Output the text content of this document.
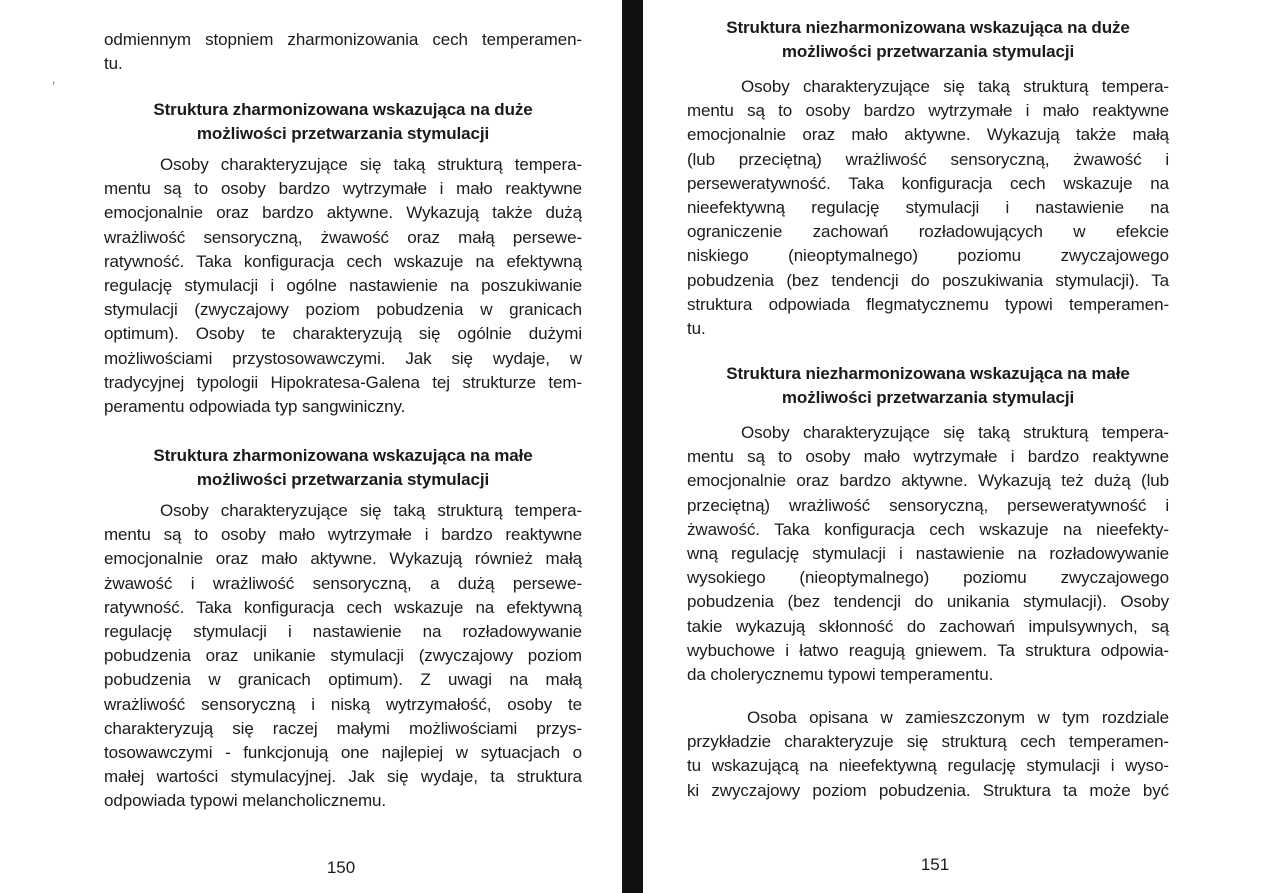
,
odmiennym stopniem zharmonizowania cech temperamen-
tu.
Struktura zharmonizowana wskazująca na duże
możliwości przetwarzania stymulacji
Osoby charakteryzujące się taką strukturą tempera-
mentu są to osoby bardzo wytrzymałe i mało reaktywne
emocjonalnie oraz bardzo aktywne. Wykazują także dużą
wrażliwość sensoryczną, żwawość oraz małą persewe-
ratywność. Taka konfiguracja cech wskazuje na efektywną
regulację stymulacji i ogólne nastawienie na poszukiwanie
stymulacji (zwyczajowy poziom pobudzenia w granicach
optimum). Osoby te charakteryzują się ogólnie dużymi
możliwościami przystosowawczymi. Jak się wydaje, w
tradycyjnej typologii Hipokratesa-Galena tej strukturze tem-
peramentu odpowiada typ sangwiniczny.
Struktura zharmonizowana wskazująca na małe
możliwości przetwarzania stymulacji
Osoby charakteryzujące się taką strukturą tempera-
mentu są to osoby mało wytrzymałe i bardzo reaktywne
emocjonalnie oraz mało aktywne. Wykazują również małą
żwawość i wrażliwość sensoryczną, a dużą persewe-
ratywność. Taka konfiguracja cech wskazuje na efektywną
regulację stymulacji i nastawienie na rozładowywanie
pobudzenia oraz unikanie stymulacji (zwyczajowy poziom
pobudzenia w granicach optimum). Z uwagi na małą
wrażliwość sensoryczną i niską wytrzymałość, osoby te
charakteryzują się raczej małymi możliwościami przys-
tosowawczymi - funkcjonują one najlepiej w sytuacjach o
małej wartości stymulacyjnej. Jak się wydaje, ta struktura
odpowiada typowi melancholicznemu.
150
Struktura niezharmonizowana wskazująca na duże
możliwości przetwarzania stymulacji
Osoby charakteryzujące się taką strukturą tempera-
mentu są to osoby bardzo wytrzymałe i mało reaktywne
emocjonalnie oraz mało aktywne. Wykazują także małą
(lub przeciętną) wrażliwość sensoryczną, żwawość i
perseweratywność. Taka konfiguracja cech wskazuje na
nieefektywną regulację stymulacji i nastawienie na
ograniczenie zachowań rozładowujących w efekcie
niskiego (nieoptymalnego) poziomu zwyczajowego
pobudzenia (bez tendencji do poszukiwania stymulacji). Ta
struktura odpowiada flegmatycznemu typowi temperamen-
tu.
Struktura niezharmonizowana wskazująca na małe
możliwości przetwarzania stymulacji
Osoby charakteryzujące się taką strukturą tempera-
mentu są to osoby mało wytrzymałe i bardzo reaktywne
emocjonalnie oraz bardzo aktywne. Wykazują też dużą (lub
przeciętną) wrażliwość sensoryczną, perseweratywność i
żwawość. Taka konfiguracja cech wskazuje na nieefekty-
wną regulację stymulacji i nastawienie na rozładowywanie
wysokiego (nieoptymalnego) poziomu zwyczajowego
pobudzenia (bez tendencji do unikania stymulacji). Osoby
takie wykazują skłonność do zachowań impulsywnych, są
wybuchowe i łatwo reagują gniewem. Ta struktura odpowia-
da cholerycznemu typowi temperamentu.
Osoba opisana w zamieszczonym w tym rozdziale
przykładzie charakteryzuje się strukturą cech temperamen-
tu wskazującą na nieefektywną regulację stymulacji i wyso-
ki zwyczajowy poziom pobudzenia. Struktura ta może być
151
